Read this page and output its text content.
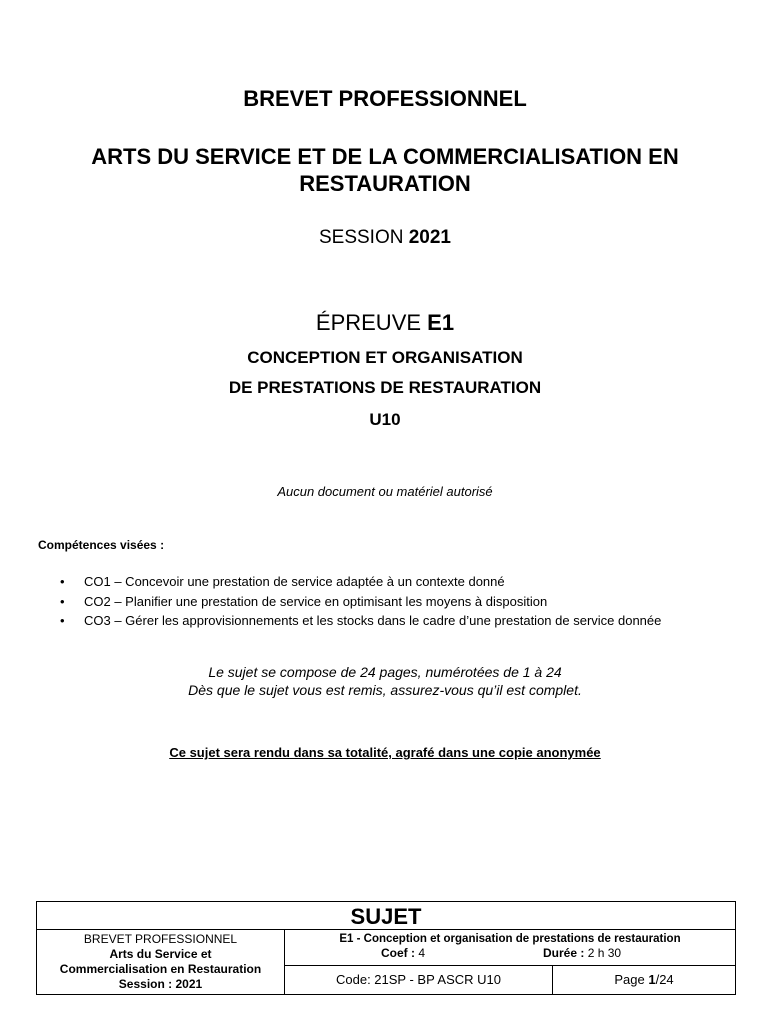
BREVET PROFESSIONNEL
ARTS DU SERVICE ET DE LA COMMERCIALISATION EN RESTAURATION
SESSION 2021
ÉPREUVE E1
CONCEPTION ET ORGANISATION
DE PRESTATIONS DE RESTAURATION
U10
Aucun document ou matériel autorisé
Compétences visées :
• CO1 – Concevoir une prestation de service adaptée à un contexte donné
• CO2 – Planifier une prestation de service en optimisant les moyens à disposition
• CO3 – Gérer les approvisionnements et les stocks dans le cadre d’une prestation de service donnée
Le sujet se compose de 24 pages, numérotées de 1 à 24
Dès que le sujet vous est remis, assurez-vous qu’il est complet.
Ce sujet sera rendu dans sa totalité, agrafé dans une copie anonymée
SUJET
BREVET PROFESSIONNEL
Arts du Service et
Commercialisation en Restauration
Session : 2021
E1 - Conception et organisation de prestations de restauration
Coef : 4	Durée : 2 h 30
Code: 21SP - BP ASCR U10	Page 1/24
